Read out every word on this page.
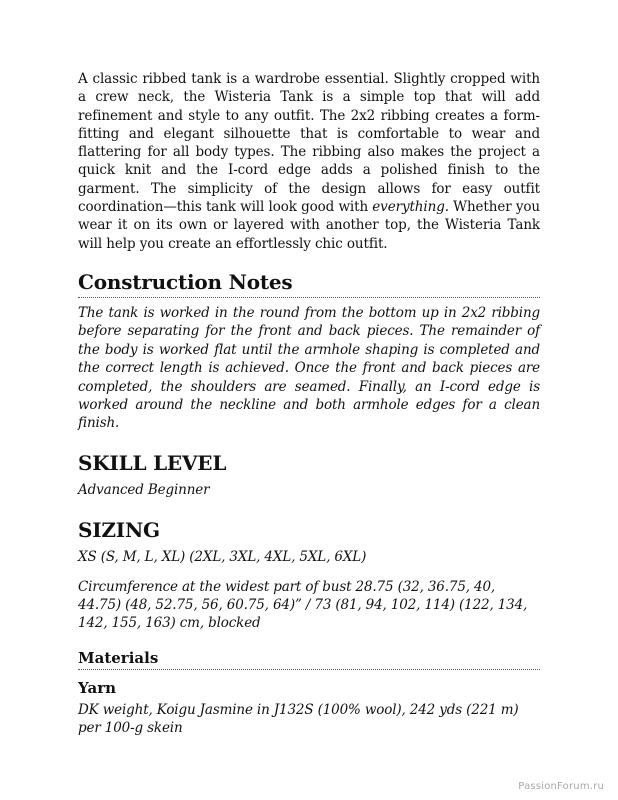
A classic ribbed tank is a wardrobe essential. Slightly cropped with a crew neck, the Wisteria Tank is a simple top that will add refinement and style to any outfit. The 2x2 ribbing creates a form-fitting and elegant silhouette that is comfortable to wear and flattering for all body types. The ribbing also makes the project a quick knit and the I-cord edge adds a polished finish to the garment. The simplicity of the design allows for easy outfit coordination—this tank will look good with everything. Whether you wear it on its own or layered with another top, the Wisteria Tank will help you create an effortlessly chic outfit.

Construction Notes

The tank is worked in the round from the bottom up in 2x2 ribbing before separating for the front and back pieces. The remainder of the body is worked flat until the armhole shaping is completed and the correct length is achieved. Once the front and back pieces are completed, the shoulders are seamed. Finally, an I-cord edge is worked around the neckline and both armhole edges for a clean finish.

SKILL LEVEL

Advanced Beginner

SIZING

XS (S, M, L, XL) (2XL, 3XL, 4XL, 5XL, 6XL)

Circumference at the widest part of bust 28.75 (32, 36.75, 40, 44.75) (48, 52.75, 56, 60.75, 64)” / 73 (81, 94, 102, 114) (122, 134, 142, 155, 163) cm, blocked

Materials
Yarn

DK weight, Koigu Jasmine in J132S (100% wool), 242 yds (221 m) per 100-g skein

PassionForum.ru
